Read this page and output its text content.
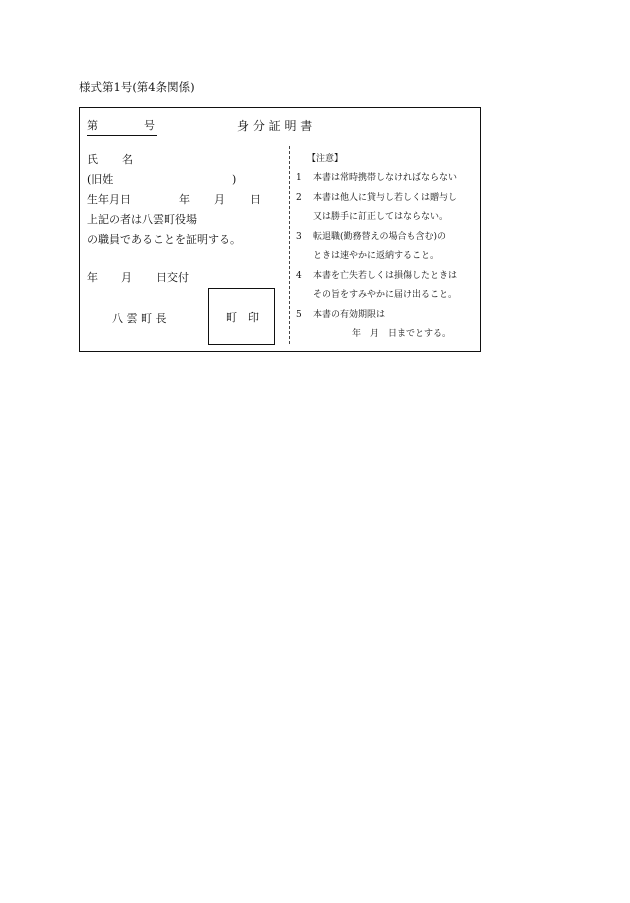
様式第1号(第4条関係)
第	号	身 分 証 明 書
氏 名
(旧姓	)
生年月日	年 月 日
上記の者は八雲町役場
の職員であることを証明する。
年 月 日交付
八 雲 町 長	町　印
【注意】
1 本書は常時携帯しなければならない
2 本書は他人に貸与し若しくは贈与し
又は勝手に訂正してはならない。
3 転退職(勤務替えの場合も含む)の
ときは速やかに返納すること。
4 本書を亡失若しくは損傷したときは
その旨をすみやかに届け出ること。
5 本書の有効期限は
年　月　日までとする。
